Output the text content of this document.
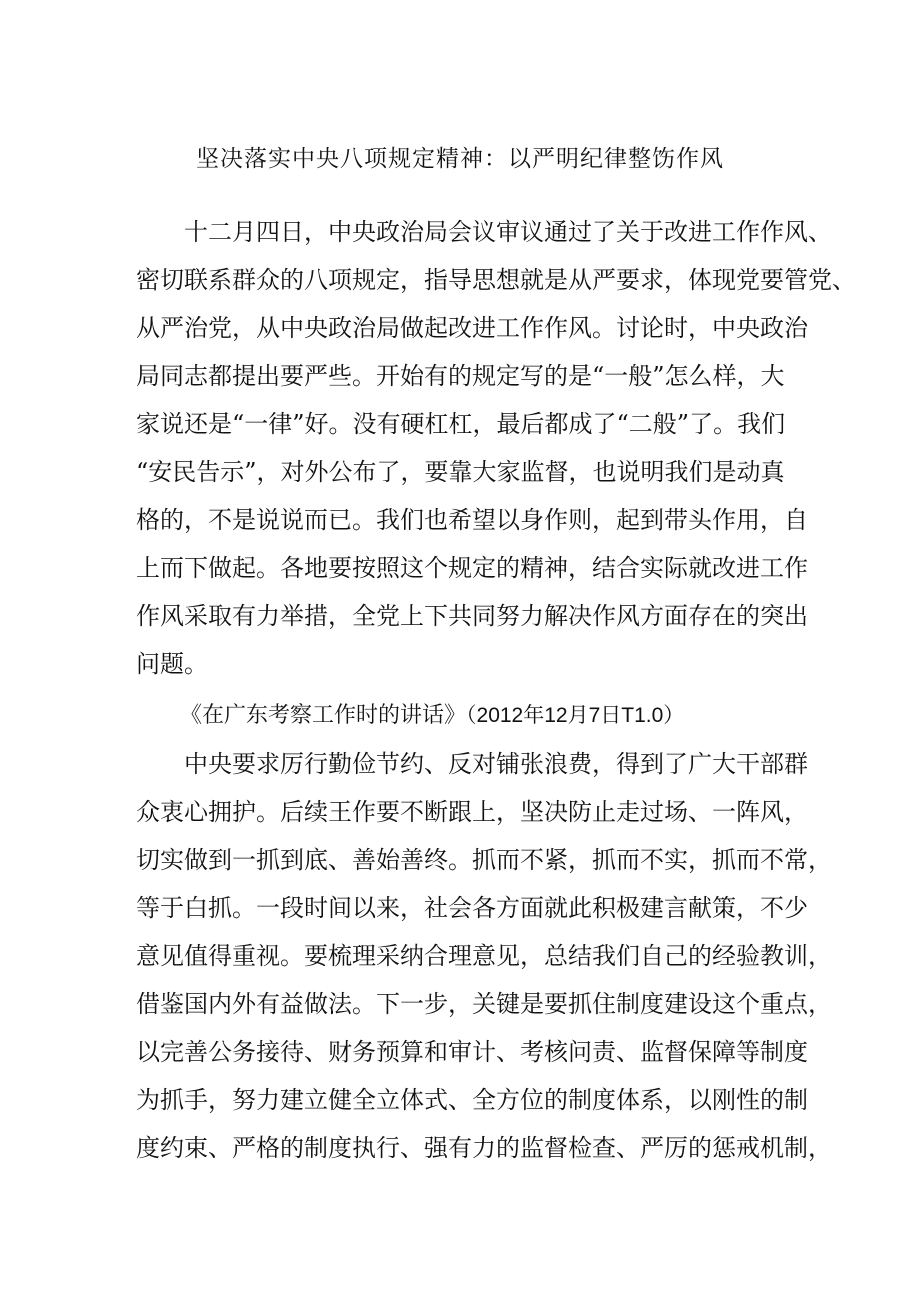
坚决落实中央八项规定精神：以严明纪律整饬作风
十二月四日，中央政治局会议审议通过了关于改进工作作风、
密切联系群众的八项规定，指导思想就是从严要求，体现党要管党、
从严治党，从中央政治局做起改进工作作风。讨论时，中央政治
局同志都提出要严些。开始有的规定写的是“一般”怎么样，大
家说还是“一律”好。没有硬杠杠，最后都成了“二般”了。我们
“安民告示”，对外公布了，要靠大家监督，也说明我们是动真
格的，不是说说而已。我们也希望以身作则，起到带头作用，自
上而下做起。各地要按照这个规定的精神，结合实际就改进工作
作风采取有力举措，全党上下共同努力解决作风方面存在的突出
问题。
《在广东考察工作时的讲话》（2012年12月7日T1.0）
中央要求厉行勤俭节约、反对铺张浪费，得到了广大干部群
众衷心拥护。后续王作要不断跟上，坚决防止走过场、一阵风，
切实做到一抓到底、善始善终。抓而不紧，抓而不实，抓而不常，
等于白抓。一段时间以来，社会各方面就此积极建言献策，不少
意见值得重视。要梳理采纳合理意见，总结我们自己的经验教训，
借鉴国内外有益做法。下一步，关键是要抓住制度建设这个重点，
以完善公务接待、财务预算和审计、考核问责、监督保障等制度
为抓手，努力建立健全立体式、全方位的制度体系，以刚性的制
度约束、严格的制度执行、强有力的监督检查、严厉的惩戒机制，
